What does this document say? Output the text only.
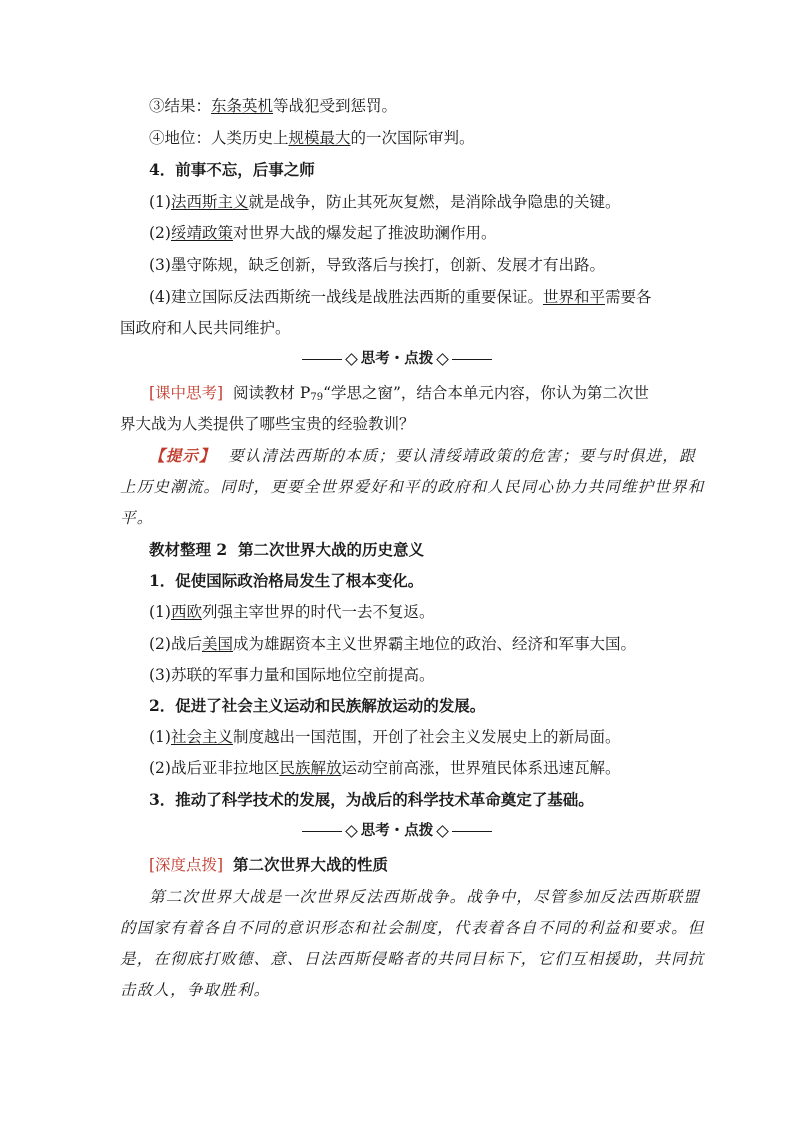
③结果：东条英机等战犯受到惩罚。
④地位：人类历史上规模最大的一次国际审判。
4．前事不忘，后事之师
(1)法西斯主义就是战争，防止其死灰复燃，是消除战争隐患的关键。
(2)绥靖政策对世界大战的爆发起了推波助澜作用。
(3)墨守陈规，缺乏创新，导致落后与挨打，创新、发展才有出路。
(4)建立国际反法西斯统一战线是战胜法西斯的重要保证。世界和平需要各
国政府和人民共同维护。
思考・点拨
[课中思考] 阅读教材 $P_{79}“$学思之窗”，结合本单元内容，你认为第二次世
界大战为人类提供了哪些宝贵的经验教训？
【提示】 要认清法西斯的本质；要认清绥靖政策的危害；要与时俱进，跟
上历史潮流。同时，更要全世界爱好和平的政府和人民同心协力共同维护世界和
平。
教材整理 2 第二次世界大战的历史意义
1．促使国际政治格局发生了根本变化。
(1)西欧列强主宰世界的时代一去不复返。
(2)战后美国成为雄踞资本主义世界霸主地位的政治、经济和军事大国。
(3)苏联的军事力量和国际地位空前提高。
2．促进了社会主义运动和民族解放运动的发展。
(1)社会主义制度越出一国范围，开创了社会主义发展史上的新局面。
(2)战后亚非拉地区民族解放运动空前高涨，世界殖民体系迅速瓦解。
3．推动了科学技术的发展，为战后的科学技术革命奠定了基础。
思考・点拨
[深度点拨] 第二次世界大战的性质
第二次世界大战是一次世界反法西斯战争。战争中，尽管参加反法西斯联盟
的国家有着各自不同的意识形态和社会制度，代表着各自不同的利益和要求。但
是，在彻底打败德、意、日法西斯侵略者的共同目标下，它们互相援助，共同抗
击敌人，争取胜利。
